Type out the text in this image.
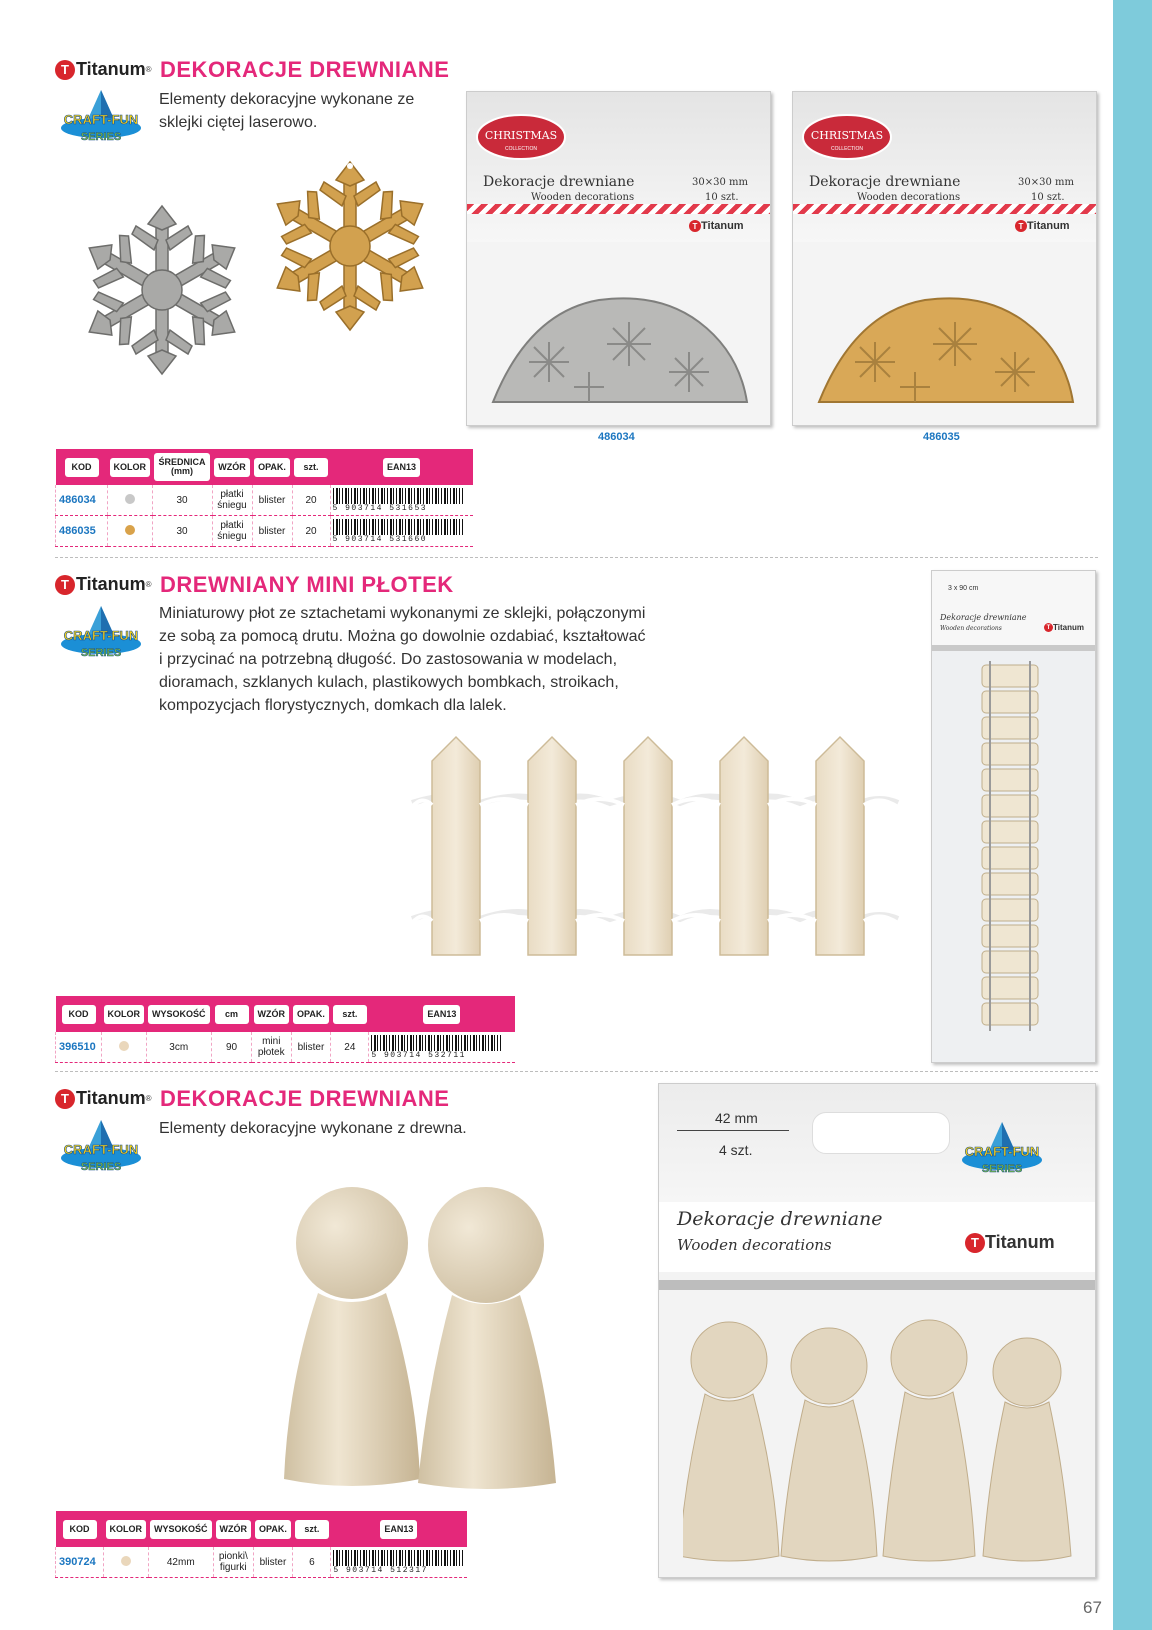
67
T Titanum ® DEKORACJE DREWNIANE
CRAFT-FUN
SERIES
Elementy dekoracyjne wykonane ze sklejki ciętej laserowo.
CHRISTMAS
COLLECTION
Dekoracje drewniane
Wooden decorations
30×30 mm
10 szt.
T Titanum
486034
CHRISTMAS
COLLECTION
Dekoracje drewniane
Wooden decorations
30×30 mm
10 szt.
T Titanum
486035
KOD	KOLOR	ŚREDNICA (mm)	WZÓR	OPAK.	szt.	EAN13
486034		30	płatki śniegu	blister	20	5 903714 531653

486035		30	płatki śniegu	blister	20	5 903714 531660
T Titanum ® DREWNIANY MINI PŁOTEK
CRAFT-FUN
SERIES
Miniaturowy płot ze sztachetami wykonanymi ze sklejki, połączonymi
ze sobą za pomocą drutu. Można go dowolnie ozdabiać, kształtować
i przycinać na potrzebną długość. Do zastosowania w modelach,
dioramach, szklanych kulach, plastikowych bombkach, stroikach,
kompozycjach florystycznych, domkach dla lalek.
3 x 90 cm
Dekoracje drewniane
Wooden decorations	T Titanum
KOD	KOLOR	WYSOKOŚĆ	cm	WZÓR	OPAK.	szt.	EAN13
396510		3cm	90	mini płotek	blister	24	5 903714 532711
T Titanum ® DEKORACJE DREWNIANE
CRAFT-FUN
SERIES
Elementy dekoracyjne wykonane z drewna.
42 mm
4 szt.	CRAFT-FUN
SERIES
Dekoracje drewniane
Wooden decorations	T Titanum
KOD	KOLOR	WYSOKOŚĆ	WZÓR	OPAK.	szt.	EAN13
390724		42mm	pionki\ figurki	blister	6	5 903714 512317
